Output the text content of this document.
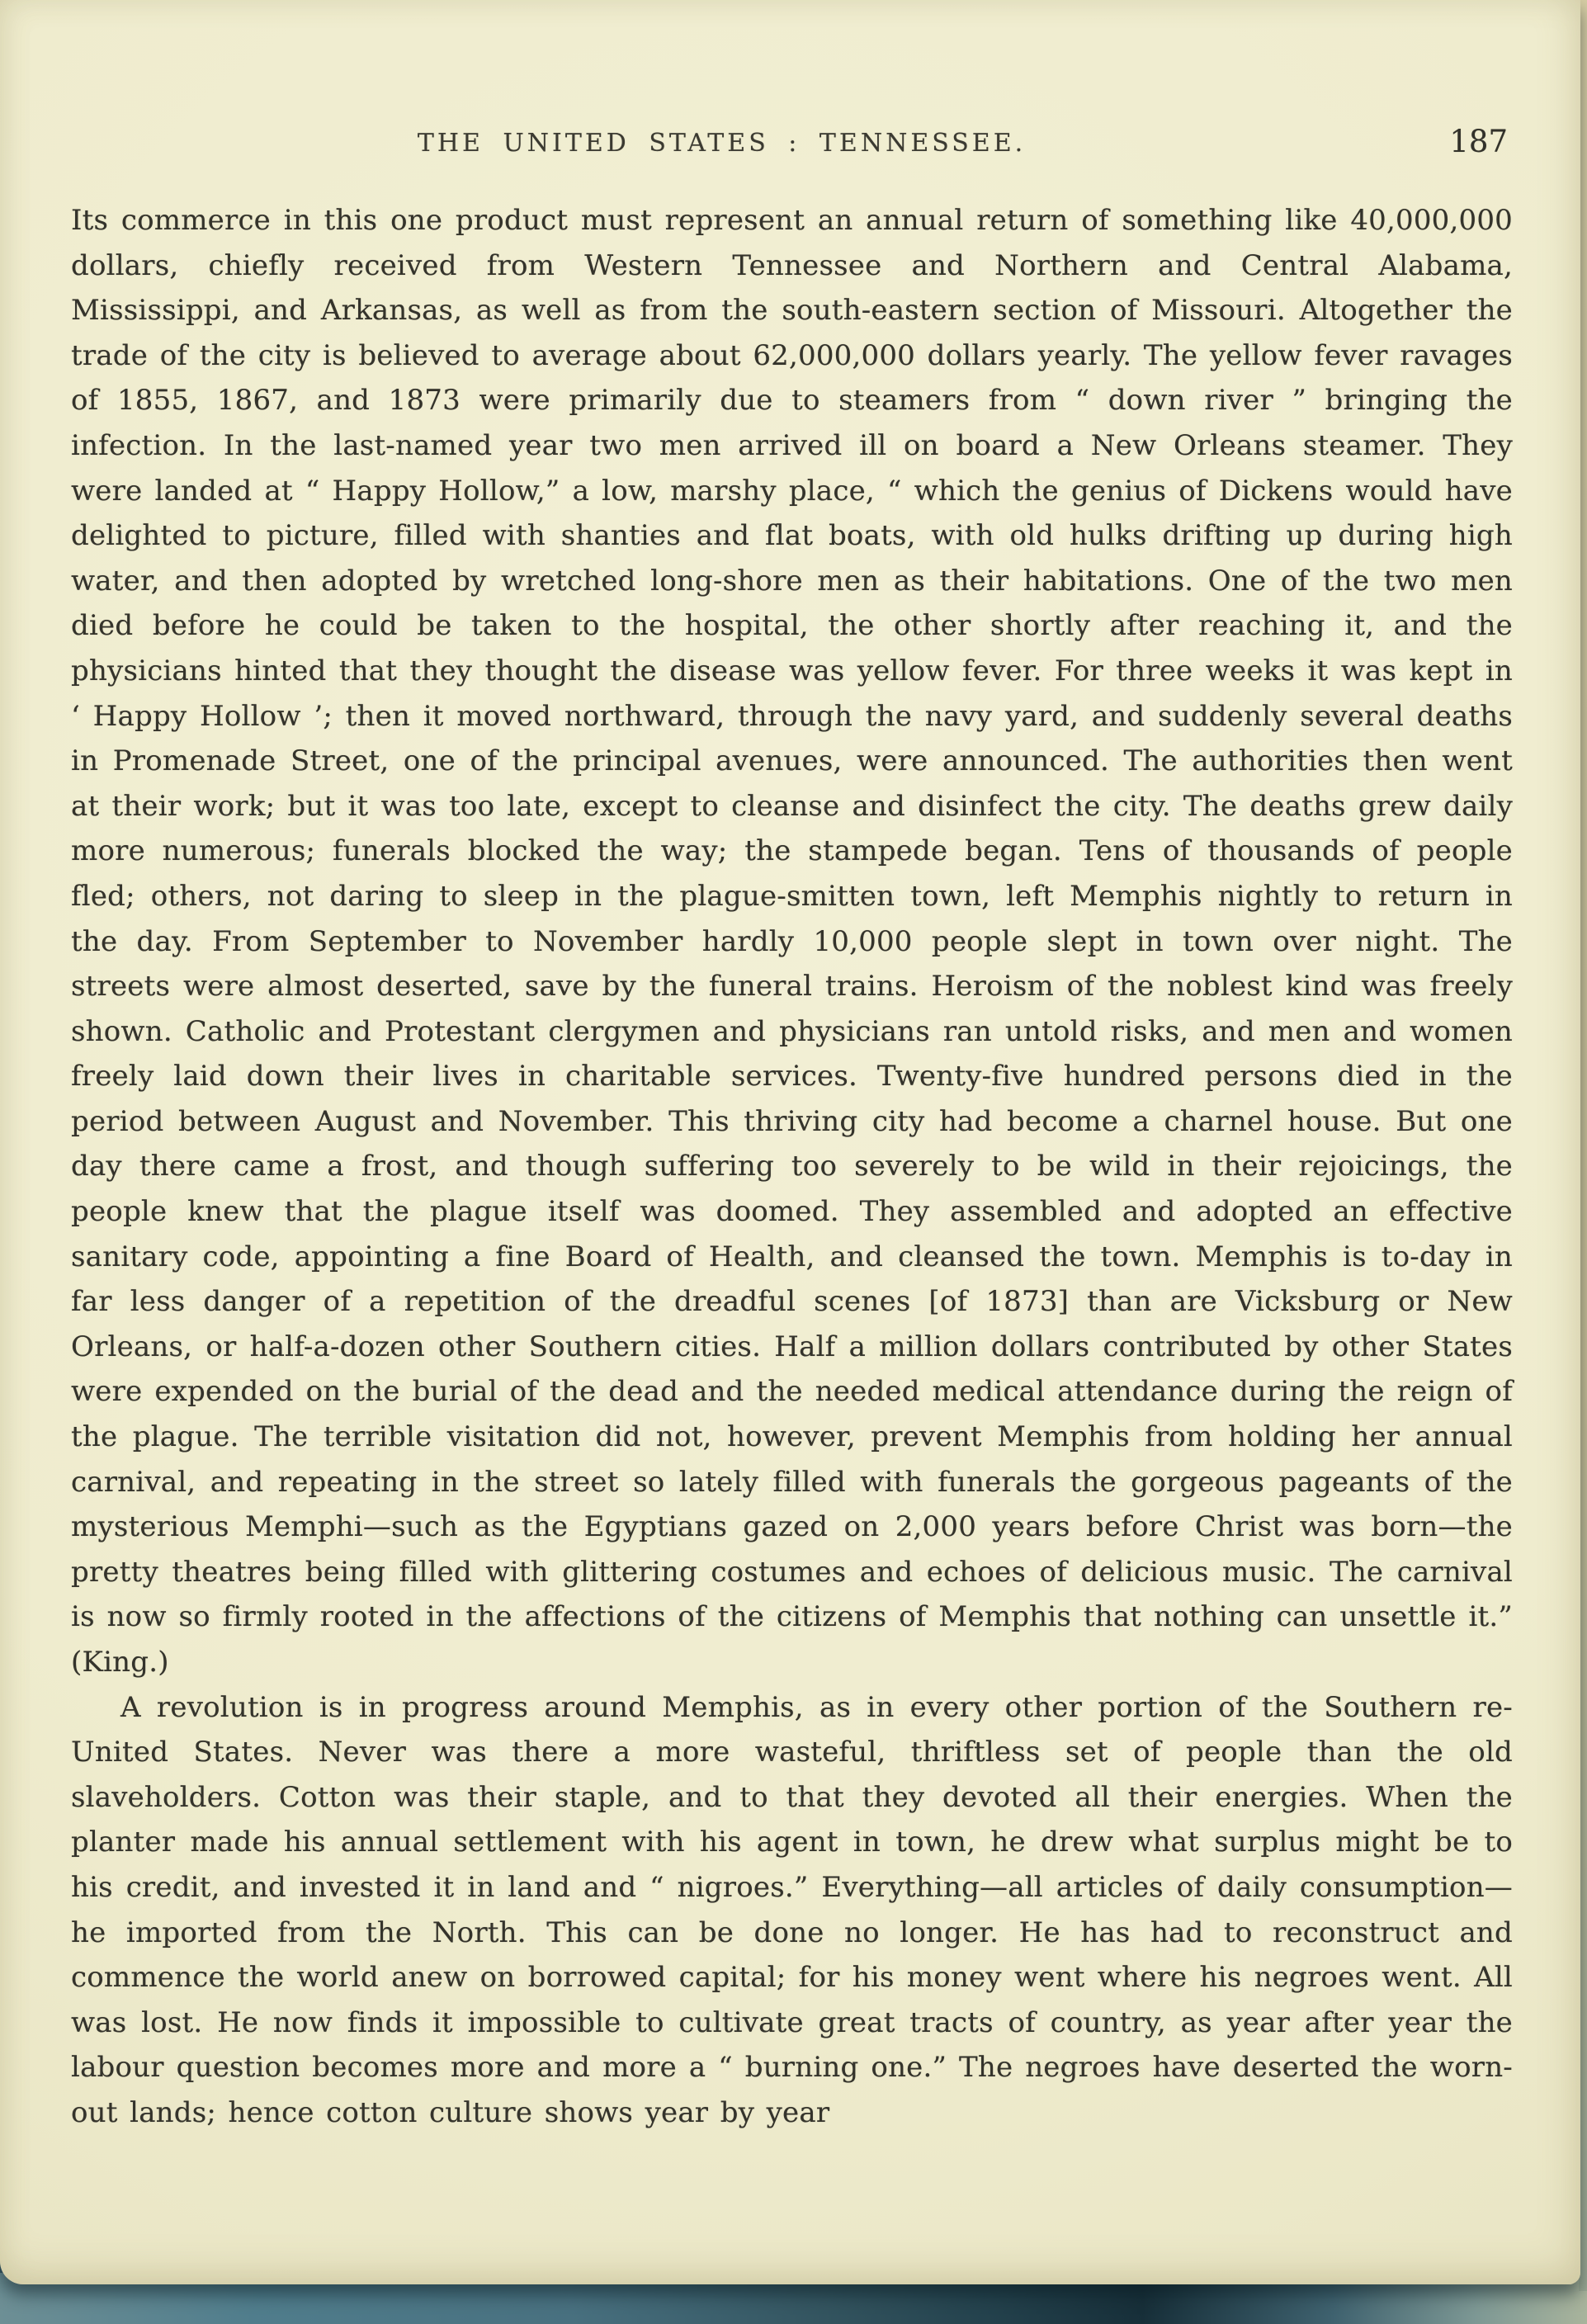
THE UNITED STATES : TENNESSEE.	187

Its commerce in this one product must represent an annual return of something like 40,000,000 dollars, chiefly received from Western Tennessee and Northern and Central Alabama, Mississippi, and Arkansas, as well as from the south-eastern section of Missouri. Altogether the trade of the city is believed to average about 62,000,000 dollars yearly. The yellow fever ravages of 1855, 1867, and 1873 were primarily due to steamers from “ down river ” bringing the infection. In the last-named year two men arrived ill on board a New Orleans steamer. They were landed at “ Happy Hollow,” a low, marshy place, “ which the genius of Dickens would have delighted to picture, filled with shanties and flat boats, with old hulks drifting up during high water, and then adopted by wretched long-shore men as their habitations. One of the two men died before he could be taken to the hospital, the other shortly after reaching it, and the physicians hinted that they thought the disease was yellow fever. For three weeks it was kept in ‘ Happy Hollow ’; then it moved northward, through the navy yard, and suddenly several deaths in Promenade Street, one of the principal avenues, were announced. The authorities then went at their work; but it was too late, except to cleanse and disinfect the city. The deaths grew daily more numerous; funerals blocked the way; the stampede began. Tens of thousands of people fled; others, not daring to sleep in the plague-smitten town, left Memphis nightly to return in the day. From September to November hardly 10,000 people slept in town over night. The streets were almost deserted, save by the funeral trains. Heroism of the noblest kind was freely shown. Catholic and Protestant clergymen and physicians ran untold risks, and men and women freely laid down their lives in charitable services. Twenty-five hundred persons died in the period between August and November. This thriving city had become a charnel house. But one day there came a frost, and though suffering too severely to be wild in their rejoicings, the people knew that the plague itself was doomed. They assembled and adopted an effective sanitary code, appointing a fine Board of Health, and cleansed the town. Memphis is to-day in far less danger of a repetition of the dreadful scenes [of 1873] than are Vicksburg or New Orleans, or half-a-dozen other Southern cities. Half a million dollars contributed by other States were expended on the burial of the dead and the needed medical attendance during the reign of the plague. The terrible visitation did not, however, prevent Memphis from holding her annual carnival, and repeating in the street so lately filled with funerals the gorgeous pageants of the mysterious Memphi—such as the Egyptians gazed on 2,000 years before Christ was born—the pretty theatres being filled with glittering costumes and echoes of delicious music. The carnival is now so firmly rooted in the affections of the citizens of Memphis that nothing can unsettle it.” (King.)

A revolution is in progress around Memphis, as in every other portion of the Southern re-United States. Never was there a more wasteful, thriftless set of people than the old slaveholders. Cotton was their staple, and to that they devoted all their energies. When the planter made his annual settlement with his agent in town, he drew what surplus might be to his credit, and invested it in land and “ nigroes.” Everything—all articles of daily consumption—he imported from the North. This can be done no longer. He has had to reconstruct and commence the world anew on borrowed capital; for his money went where his negroes went. All was lost. He now finds it impossible to cultivate great tracts of country, as year after year the labour question becomes more and more a “ burning one.” The negroes have deserted the worn-out lands; hence cotton culture shows year by year
